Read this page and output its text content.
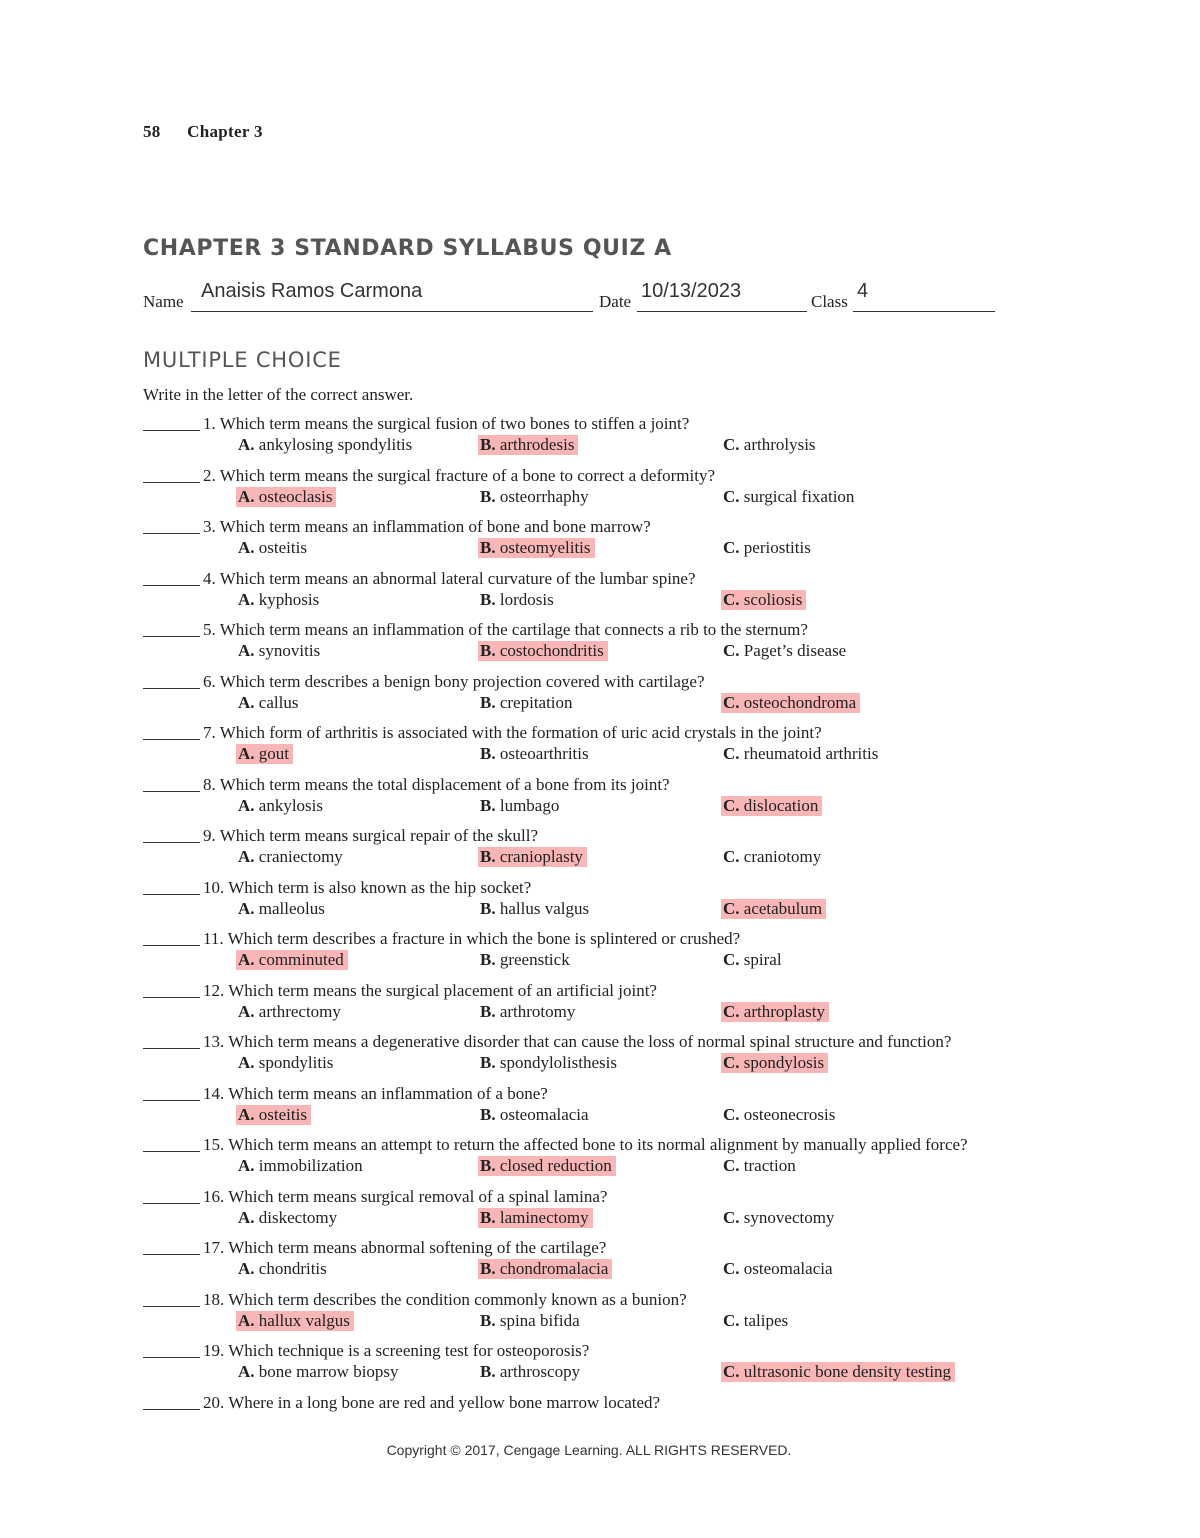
58 Chapter 3
CHAPTER 3 STANDARD SYLLABUS QUIZ A
Name Anaisis Ramos Carmona	Date 10/13/2023	Class 4
MULTIPLE CHOICE
Write in the letter of the correct answer.
1. Which term means the surgical fusion of two bones to stiffen a joint?
A. ankylosing spondylitis	B. arthrodesis	C. arthrolysis
2. Which term means the surgical fracture of a bone to correct a deformity?
A. osteoclasis	B. osteorrhaphy	C. surgical fixation
3. Which term means an inflammation of bone and bone marrow?
A. osteitis	B. osteomyelitis	C. periostitis
4. Which term means an abnormal lateral curvature of the lumbar spine?
A. kyphosis	B. lordosis	C. scoliosis
5. Which term means an inflammation of the cartilage that connects a rib to the sternum?
A. synovitis	B. costochondritis	C. Paget’s disease
6. Which term describes a benign bony projection covered with cartilage?
A. callus	B. crepitation	C. osteochondroma
7. Which form of arthritis is associated with the formation of uric acid crystals in the joint?
A. gout	B. osteoarthritis	C. rheumatoid arthritis
8. Which term means the total displacement of a bone from its joint?
A. ankylosis	B. lumbago	C. dislocation
9. Which term means surgical repair of the skull?
A. craniectomy	B. cranioplasty	C. craniotomy
10. Which term is also known as the hip socket?
A. malleolus	B. hallus valgus	C. acetabulum
11. Which term describes a fracture in which the bone is splintered or crushed?
A. comminuted	B. greenstick	C. spiral
12. Which term means the surgical placement of an artificial joint?
A. arthrectomy	B. arthrotomy	C. arthroplasty
13. Which term means a degenerative disorder that can cause the loss of normal spinal structure and function?
A. spondylitis	B. spondylolisthesis	C. spondylosis
14. Which term means an inflammation of a bone?
A. osteitis	B. osteomalacia	C. osteonecrosis
15. Which term means an attempt to return the affected bone to its normal alignment by manually applied force?
A. immobilization	B. closed reduction	C. traction
16. Which term means surgical removal of a spinal lamina?
A. diskectomy	B. laminectomy	C. synovectomy
17. Which term means abnormal softening of the cartilage?
A. chondritis	B. chondromalacia	C. osteomalacia
18. Which term describes the condition commonly known as a bunion?
A. hallux valgus	B. spina bifida	C. talipes
19. Which technique is a screening test for osteoporosis?
A. bone marrow biopsy	B. arthroscopy	C. ultrasonic bone density testing
20. Where in a long bone are red and yellow bone marrow located?
Copyright © 2017, Cengage Learning. ALL RIGHTS RESERVED.
